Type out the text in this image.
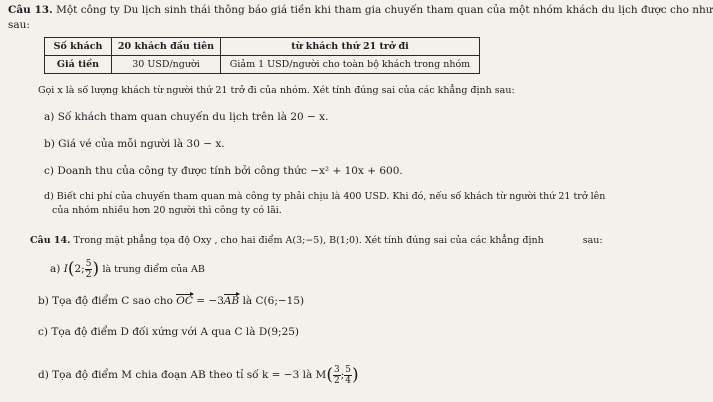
Câu 13. Một công ty Du lịch sinh thái thông báo giá tiền khi tham gia chuyến tham quan của một nhóm khách du lịch được cho như
sau:
Số khách	20 khách đầu tiên	từ khách thứ 21 trở đi
Giá tiền	30 USD/người	Giảm 1 USD/người cho toàn bộ khách trong nhóm
Gọi x là số lượng khách từ người thứ 21 trở đi của nhóm. Xét tính đúng sai của các khẳng định sau:
a) Số khách tham quan chuyến du lịch trên là 20 − x.
b) Giá vé của mỗi người là 30 − x.
c) Doanh thu của công ty được tính bởi công thức −x² + 10x + 600.
d) Biết chi phí của chuyến tham quan mà công ty phải chịu là 400 USD. Khi đó, nếu số khách từ người thứ 21 trở lên
của nhóm nhiều hơn 20 người thì công ty có lãi.
Câu 14. Trong mặt phẳng tọa độ Oxy , cho hai điểm A(3;−5), B(1;0). Xét tính đúng sai của các khẳng định	sau:
a) I(2; $\frac{5}{2}$ ) là trung điểm của AB
b) Tọa độ điểm C sao cho OC = −3AB là C(6;−15)
c) Tọa độ điểm D đối xứng với A qua C là D(9;25)
d) Tọa độ điểm M chia đoạn AB theo tỉ số k = −3 là $M( \frac{3}{2}$ ; $\frac{5}{4}$ )
